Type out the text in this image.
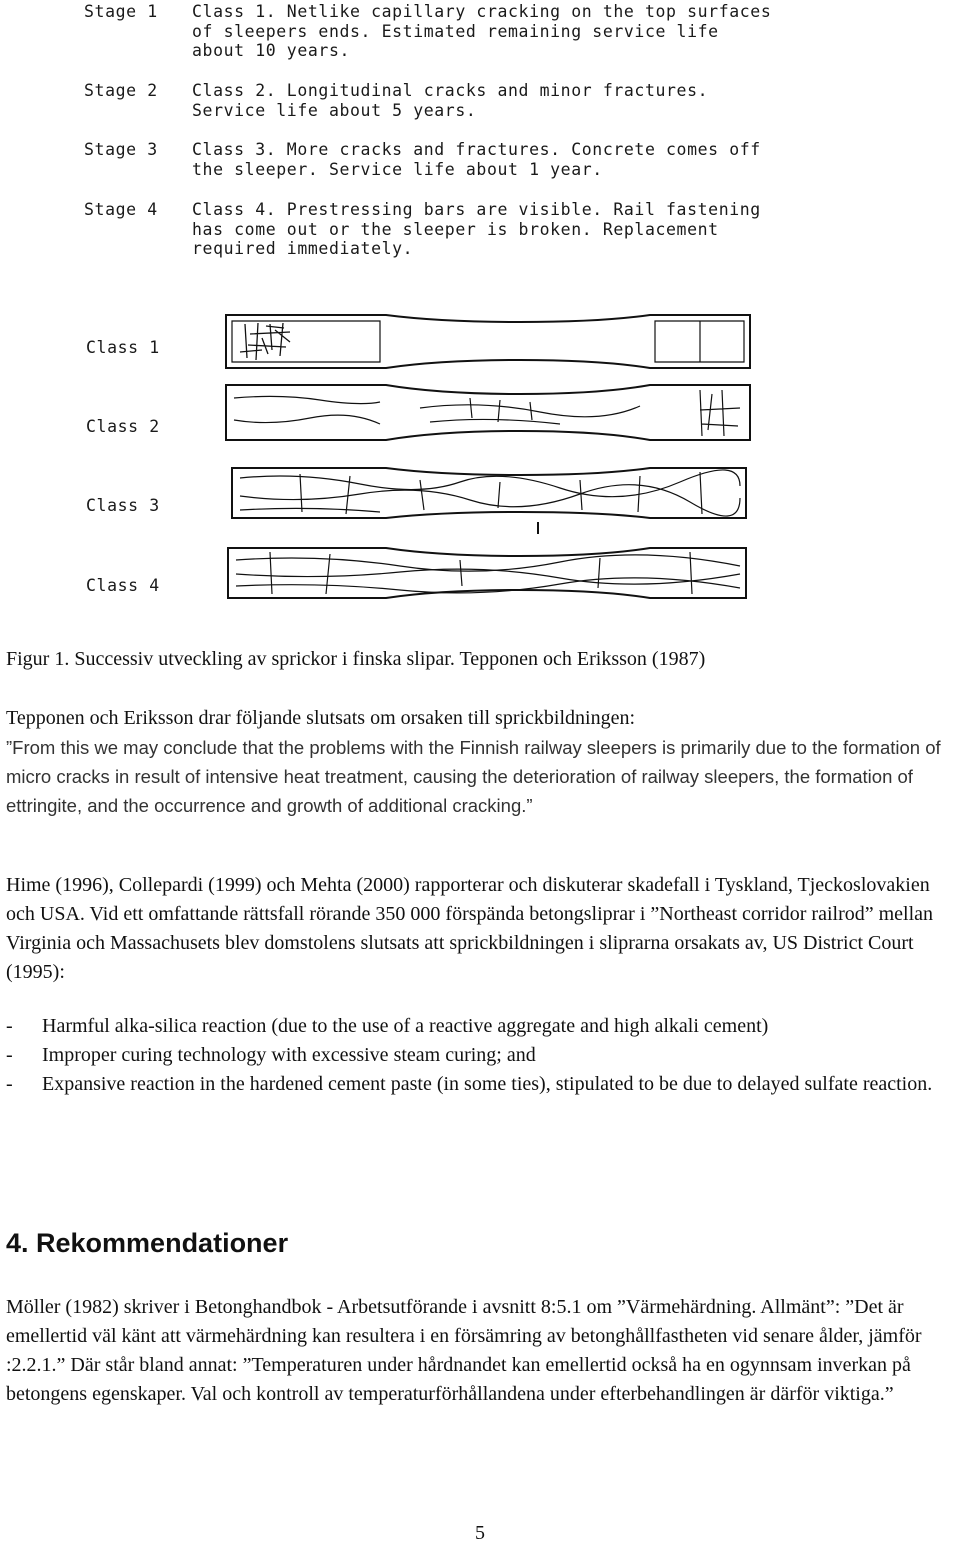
Stage 1	Class 1. Netlike capillary cracking on the top surfaces
of sleepers ends. Estimated remaining service life
about 10 years.
Stage 2	Class 2. Longitudinal cracks and minor fractures.
Service life about 5 years.
Stage 3	Class 3. More cracks and fractures. Concrete comes off
the sleeper. Service life about 1 year.
Stage 4	Class 4. Prestressing bars are visible. Rail fastening
has come out or the sleeper is broken. Replacement
required immediately.
Class 1
Class 2
Class 3
Class 4
Figur 1. Successiv utveckling av sprickor i finska slipar. Tepponen och Eriksson (1987)
Tepponen och Eriksson drar följande slutsats om orsaken till sprickbildningen:
”From this we may conclude that the problems with the Finnish railway sleepers is primarily due to the formation of micro cracks in result of intensive heat treatment, causing the deterioration of railway sleepers, the formation of ettringite, and the occurrence and growth of additional cracking.”
Hime (1996), Collepardi (1999) och Mehta (2000) rapporterar och diskuterar skadefall i Tyskland, Tjeckoslovakien och USA. Vid ett omfattande rättsfall rörande 350 000 förspända betongsliprar i ”Northeast corridor railrod” mellan Virginia och Massachusets blev domstolens slutsats att sprickbildningen i sliprarna orsakats av, US District Court (1995):
- Harmful alka-silica reaction (due to the use of a reactive aggregate and high alkali cement)
- Improper curing technology with excessive steam curing; and
- Expansive reaction in the hardened cement paste (in some ties), stipulated to be due to delayed sulfate reaction.
4. Rekommendationer
Möller (1982) skriver i Betonghandbok - Arbetsutförande i avsnitt 8:5.1 om ”Värmehärdning. Allmänt”: ”Det är emellertid väl känt att värmehärdning kan resultera i en försämring av betonghållfastheten vid senare ålder, jämför :2.2.1.” Där står bland annat: ”Temperaturen under hårdnandet kan emellertid också ha en ogynnsam inverkan på betongens egenskaper. Val och kontroll av temperaturförhållandena under efterbehandlingen är därför viktiga.”
5
